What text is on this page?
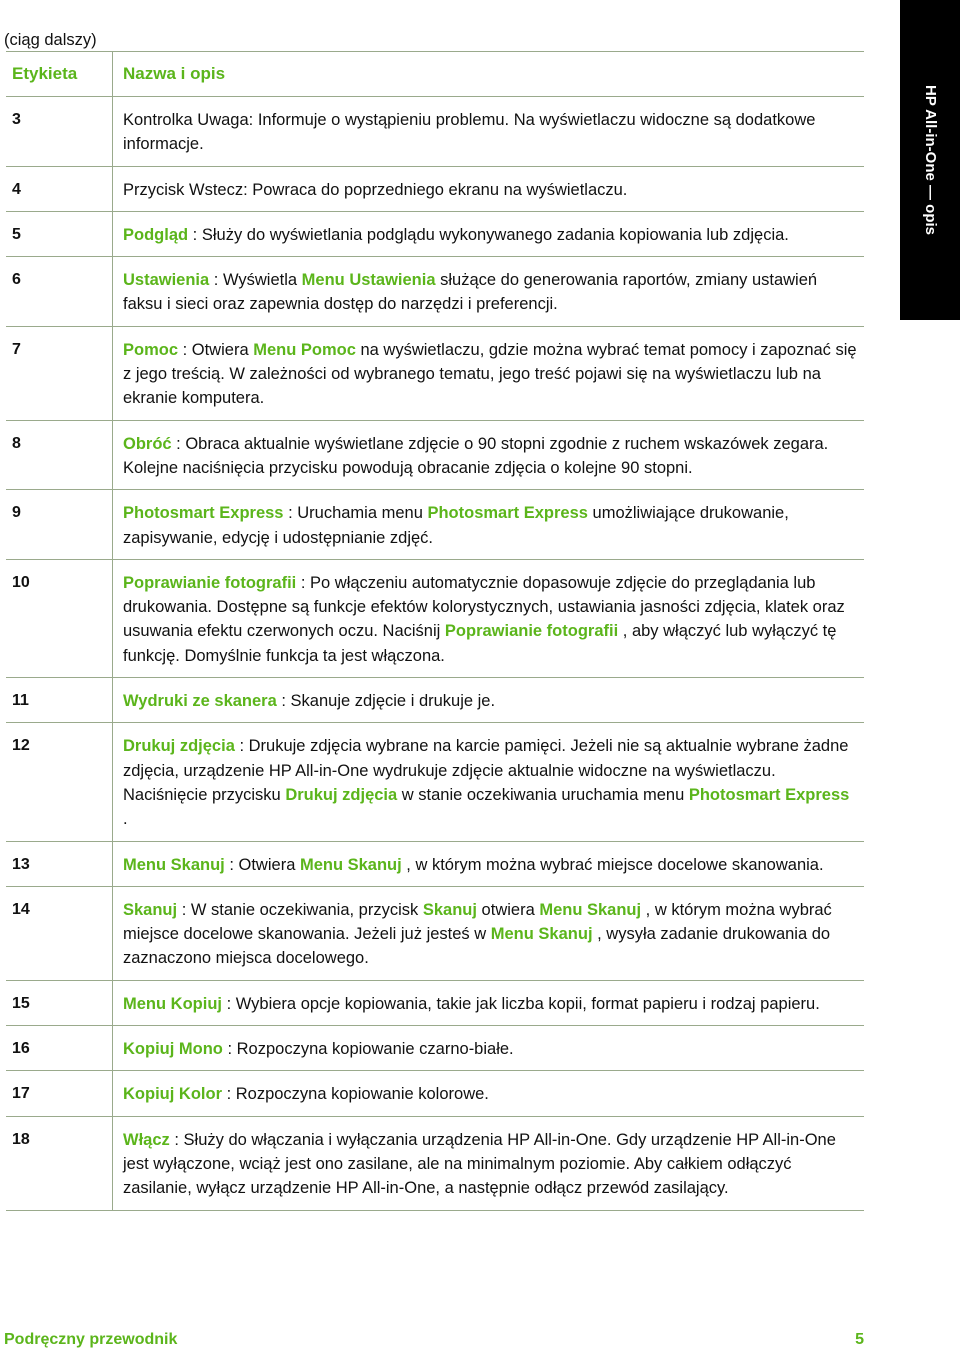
(ciąg dalszy)
HP All-in-One — opis
Etykieta	Nazwa i opis
3	Kontrolka Uwaga: Informuje o wystąpieniu problemu. Na wyświetlaczu widoczne są dodatkowe informacje.
4	Przycisk Wstecz: Powraca do poprzedniego ekranu na wyświetlaczu.
5	Podgląd : Służy do wyświetlania podglądu wykonywanego zadania kopiowania lub zdjęcia.
6	Ustawienia : Wyświetla Menu Ustawienia służące do generowania raportów, zmiany ustawień faksu i sieci oraz zapewnia dostęp do narzędzi i preferencji.
7	Pomoc : Otwiera Menu Pomoc na wyświetlaczu, gdzie można wybrać temat pomocy i zapoznać się z jego treścią. W zależności od wybranego tematu, jego treść pojawi się na wyświetlaczu lub na ekranie komputera.
8	Obróć : Obraca aktualnie wyświetlane zdjęcie o 90 stopni zgodnie z ruchem wskazówek zegara. Kolejne naciśnięcia przycisku powodują obracanie zdjęcia o kolejne 90 stopni.
9	Photosmart Express : Uruchamia menu Photosmart Express umożliwiające drukowanie, zapisywanie, edycję i udostępnianie zdjęć.
10	Poprawianie fotografii : Po włączeniu automatycznie dopasowuje zdjęcie do przeglądania lub drukowania. Dostępne są funkcje efektów kolorystycznych, ustawiania jasności zdjęcia, klatek oraz usuwania efektu czerwonych oczu. Naciśnij Poprawianie fotografii , aby włączyć lub wyłączyć tę funkcję. Domyślnie funkcja ta jest włączona.
11	Wydruki ze skanera : Skanuje zdjęcie i drukuje je.
12	Drukuj zdjęcia : Drukuje zdjęcia wybrane na karcie pamięci. Jeżeli nie są aktualnie wybrane żadne zdjęcia, urządzenie HP All-in-One wydrukuje zdjęcie aktualnie widoczne na wyświetlaczu. Naciśnięcie przycisku Drukuj zdjęcia w stanie oczekiwania uruchamia menu Photosmart Express .
13	Menu Skanuj : Otwiera Menu Skanuj , w którym można wybrać miejsce docelowe skanowania.
14	Skanuj : W stanie oczekiwania, przycisk Skanuj otwiera Menu Skanuj , w którym można wybrać miejsce docelowe skanowania. Jeżeli już jesteś w Menu Skanuj , wysyła zadanie drukowania do zaznaczono miejsca docelowego.
15	Menu Kopiuj : Wybiera opcje kopiowania, takie jak liczba kopii, format papieru i rodzaj papieru.
16	Kopiuj Mono : Rozpoczyna kopiowanie czarno-białe.
17	Kopiuj Kolor : Rozpoczyna kopiowanie kolorowe.
18	Włącz : Służy do włączania i wyłączania urządzenia HP All-in-One. Gdy urządzenie HP All-in-One jest wyłączone, wciąż jest ono zasilane, ale na minimalnym poziomie. Aby całkiem odłączyć zasilanie, wyłącz urządzenie HP All-in-One, a następnie odłącz przewód zasilający.
Podręczny przewodnik	5
